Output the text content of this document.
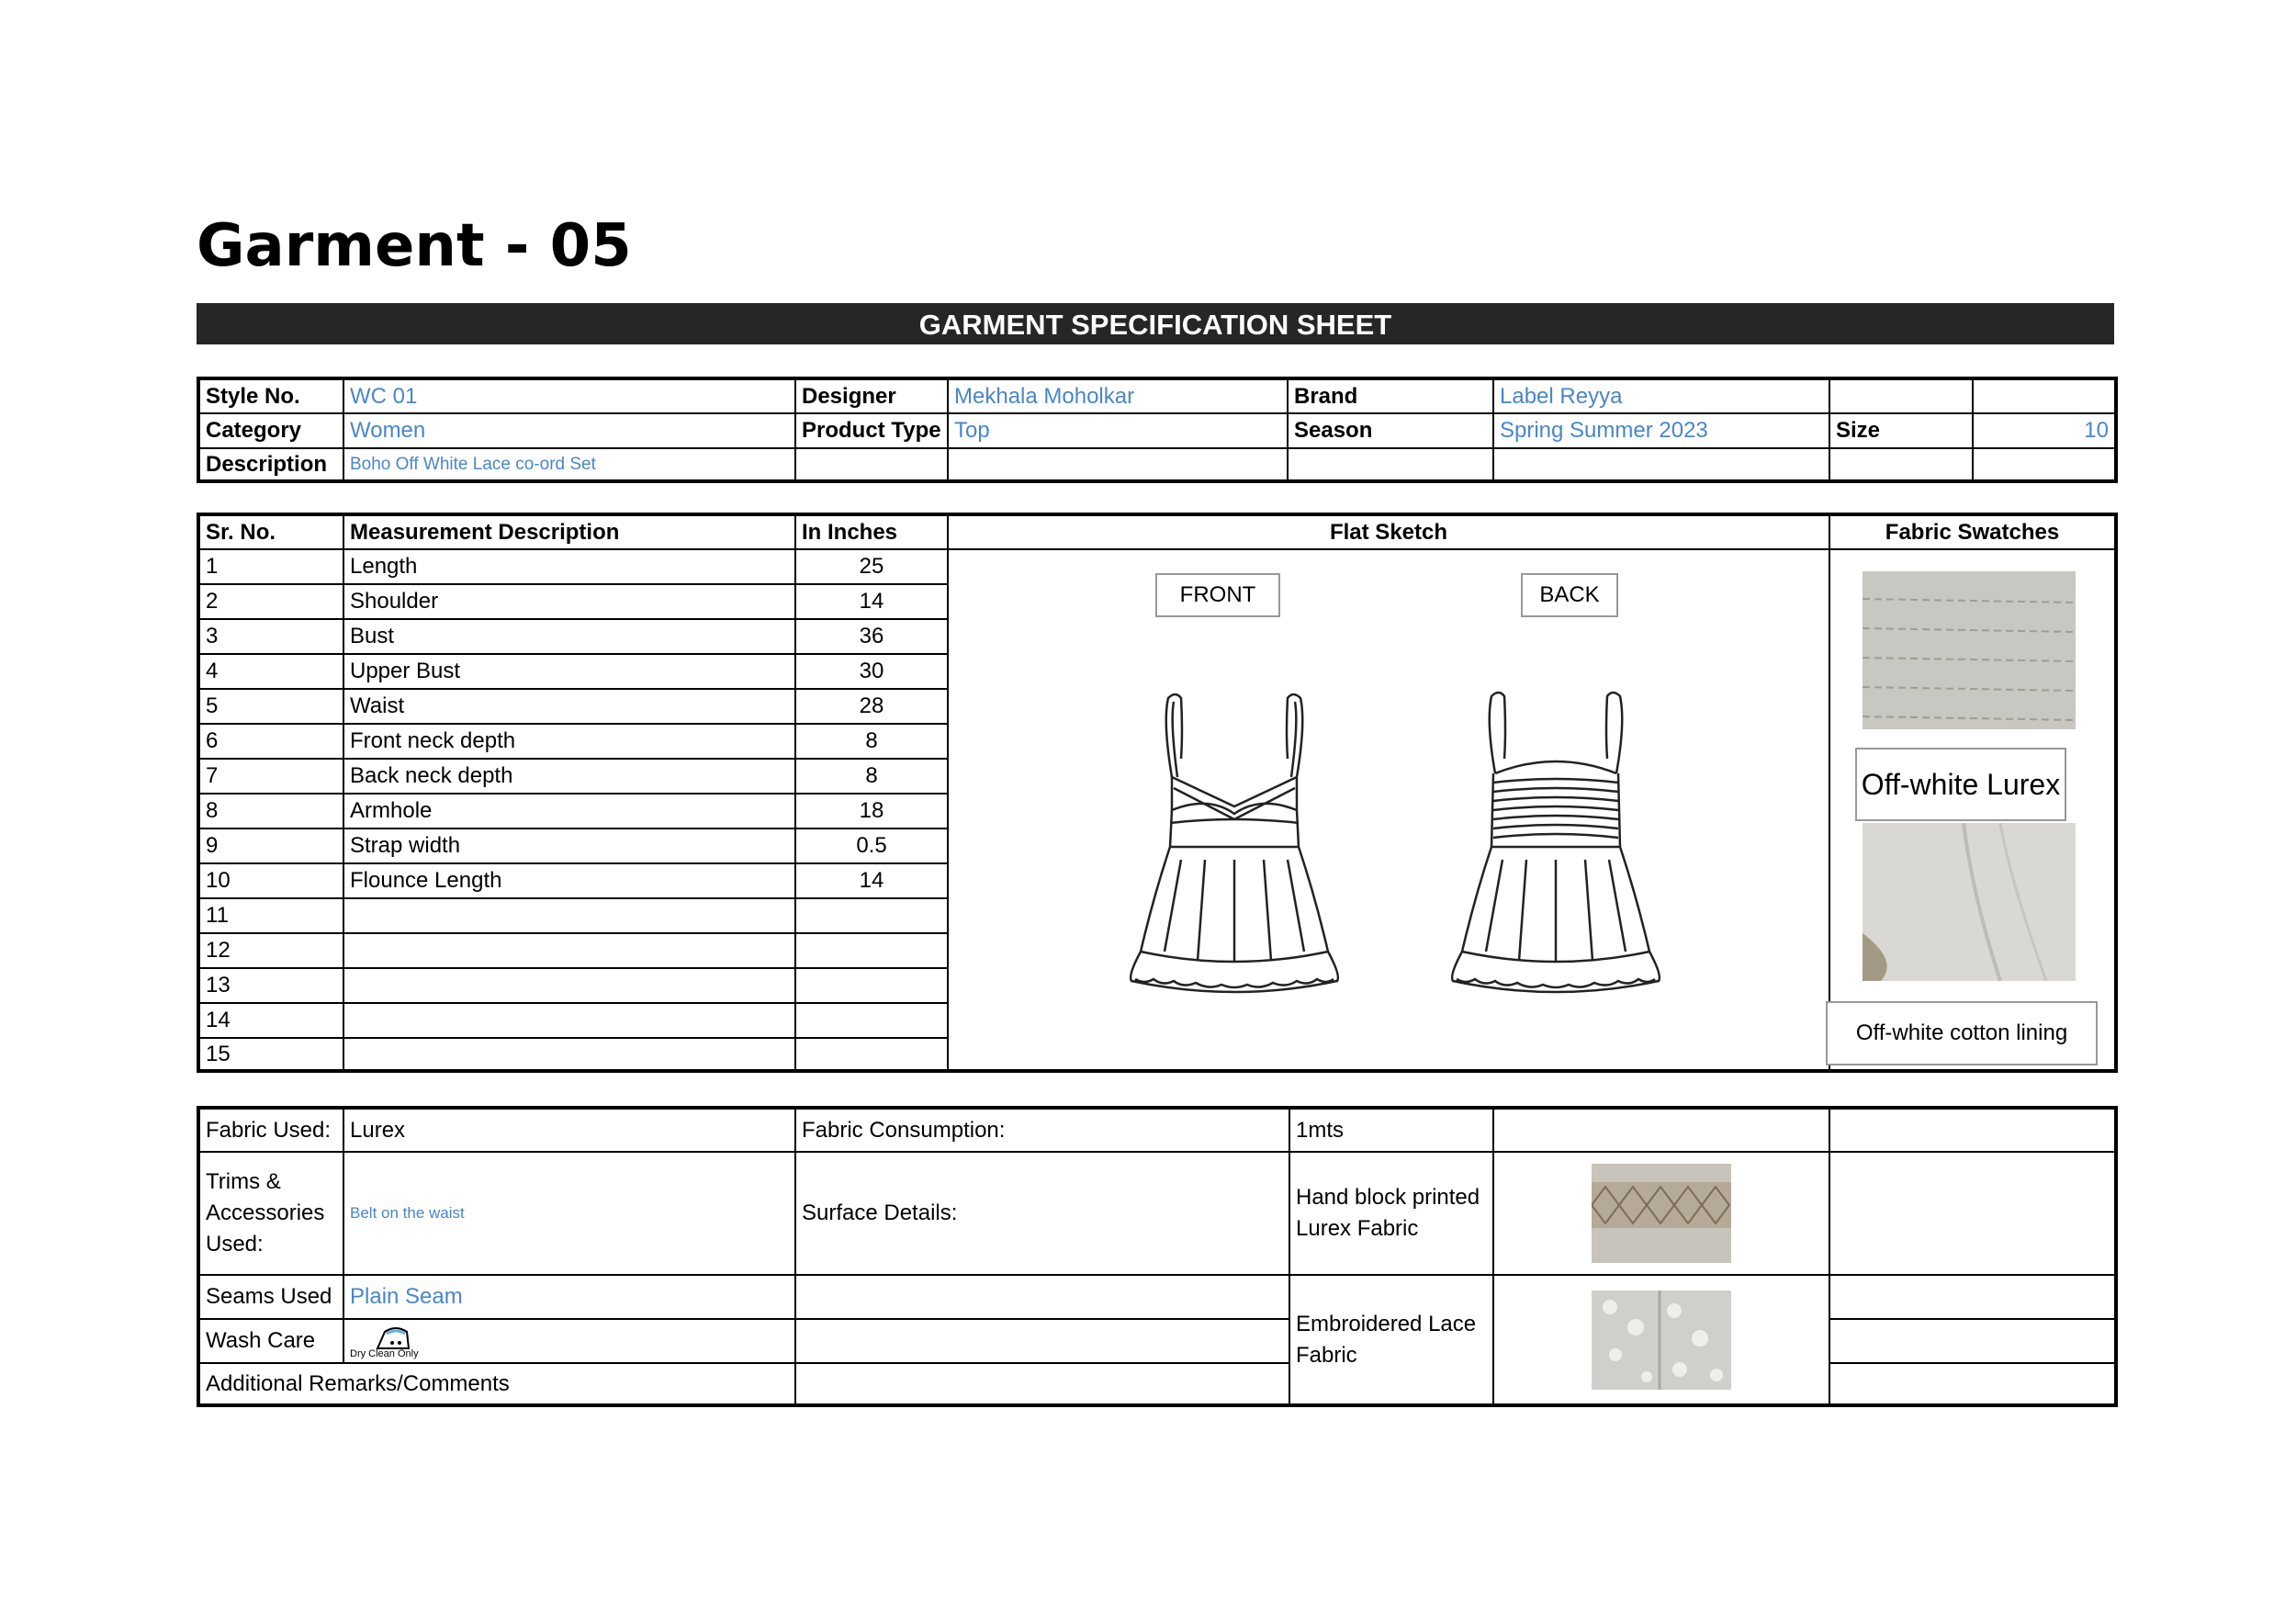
Garment - 05
GARMENT SPECIFICATION SHEET
Style No.	WC 01	Designer	Mekhala Moholkar	Brand	Label Reyya		
Category	Women	Product Type	Top	Season	Spring Summer 2023	Size	10
Description	Boho Off White Lace co-ord Set						
Sr. No.	Measurement Description	In Inches	Flat Sketch	Fabric Swatches
1	Length	25		
2	Shoulder	14		
3	Bust	36		
4	Upper Bust	30		
5	Waist	28		
6	Front neck depth	8		
7	Back neck depth	8		
8	Armhole	18		
9	Strap width	0.5		
10	Flounce Length	14		
11				
12				
13				
14				
15				
FRONT	BACK
Off-white Lurex
Off-white cotton lining
Fabric Used:	Lurex	Fabric Consumption:	1mts		
Trims & Accessories Used:	Belt on the waist	Surface Details:	Hand block printed Lurex Fabric	

Seams Used	Plain Seam		Embroidered Lace Fabric	

Wash Care	Dry Clean Only				

Additional Remarks/Comments					
